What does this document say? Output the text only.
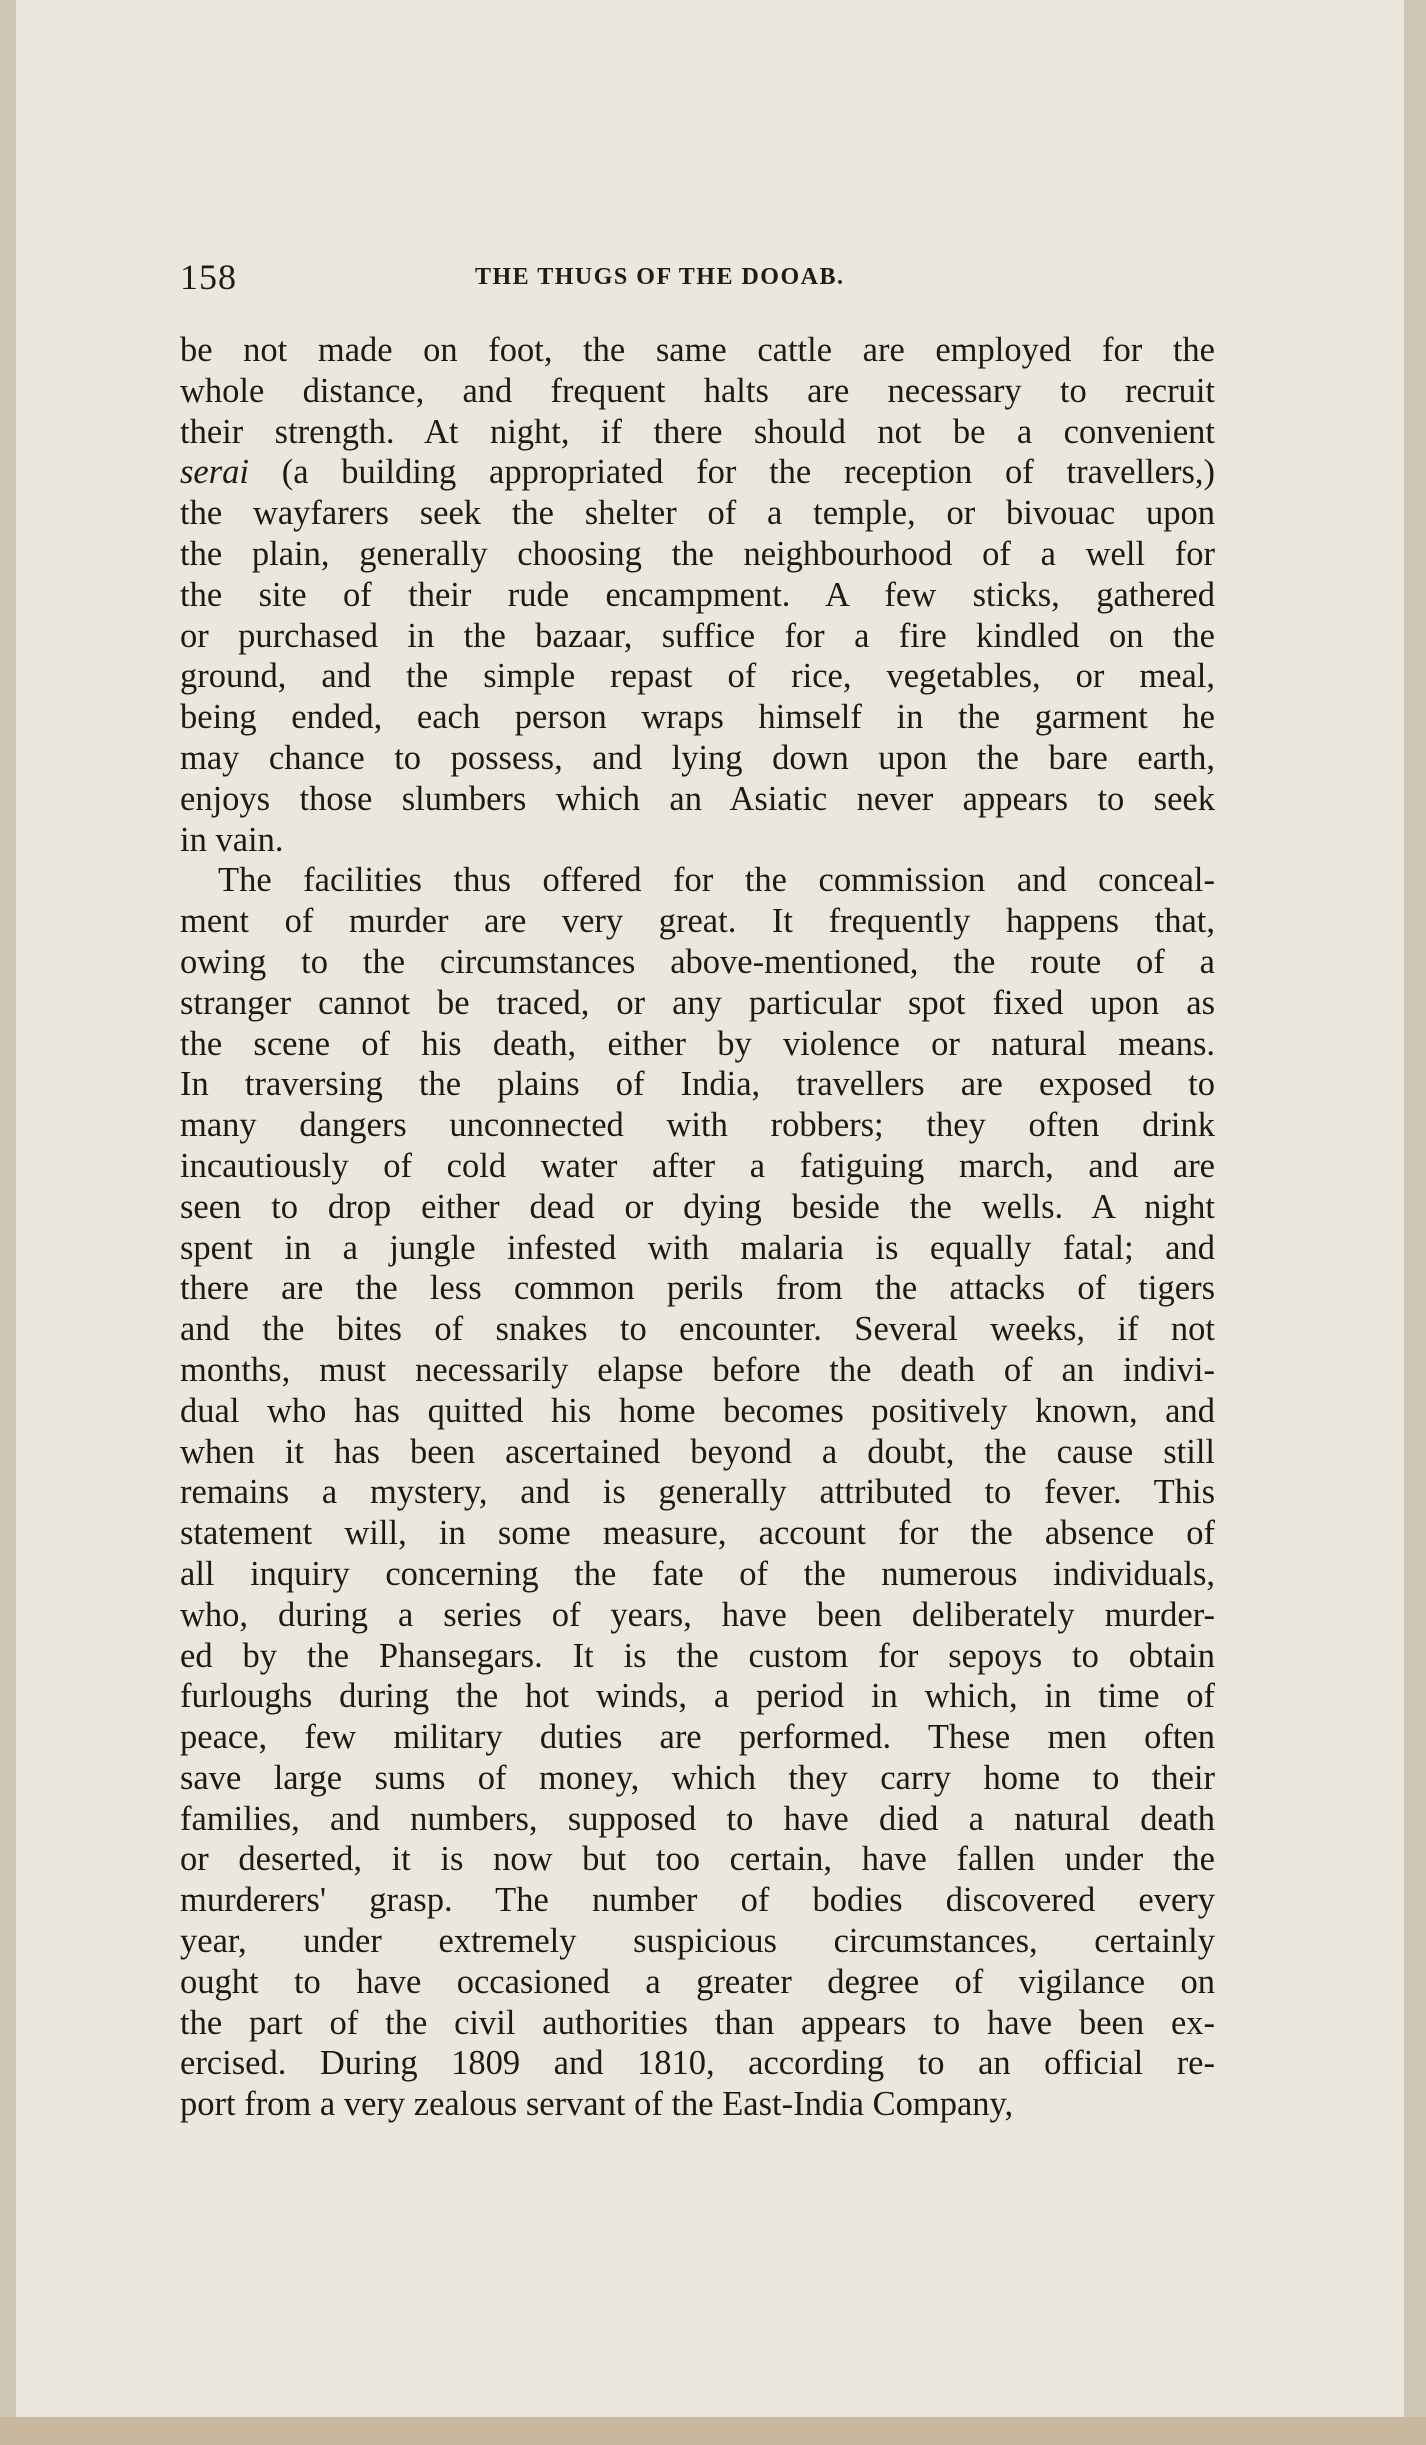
158	THE THUGS OF THE DOOAB.
be not made on foot, the same cattle are employed for the
whole distance, and frequent halts are necessary to recruit
their strength. At night, if there should not be a convenient
serai (a building appropriated for the reception of travellers,)
the wayfarers seek the shelter of a temple, or bivouac upon
the plain, generally choosing the neighbourhood of a well for
the site of their rude encampment. A few sticks, gathered
or purchased in the bazaar, suffice for a fire kindled on the
ground, and the simple repast of rice, vegetables, or meal,
being ended, each person wraps himself in the garment he
may chance to possess, and lying down upon the bare earth,
enjoys those slumbers which an Asiatic never appears to seek
in vain.
The facilities thus offered for the commission and conceal-
ment of murder are very great. It frequently happens that,
owing to the circumstances above-mentioned, the route of a
stranger cannot be traced, or any particular spot fixed upon as
the scene of his death, either by violence or natural means.
In traversing the plains of India, travellers are exposed to
many dangers unconnected with robbers; they often drink
incautiously of cold water after a fatiguing march, and are
seen to drop either dead or dying beside the wells. A night
spent in a jungle infested with malaria is equally fatal; and
there are the less common perils from the attacks of tigers
and the bites of snakes to encounter. Several weeks, if not
months, must necessarily elapse before the death of an indivi-
dual who has quitted his home becomes positively known, and
when it has been ascertained beyond a doubt, the cause still
remains a mystery, and is generally attributed to fever. This
statement will, in some measure, account for the absence of
all inquiry concerning the fate of the numerous individuals,
who, during a series of years, have been deliberately murder-
ed by the Phansegars. It is the custom for sepoys to obtain
furloughs during the hot winds, a period in which, in time of
peace, few military duties are performed. These men often
save large sums of money, which they carry home to their
families, and numbers, supposed to have died a natural death
or deserted, it is now but too certain, have fallen under the
murderers' grasp. The number of bodies discovered every
year, under extremely suspicious circumstances, certainly
ought to have occasioned a greater degree of vigilance on
the part of the civil authorities than appears to have been ex-
ercised. During 1809 and 1810, according to an official re-
port from a very zealous servant of the East-India Company,
